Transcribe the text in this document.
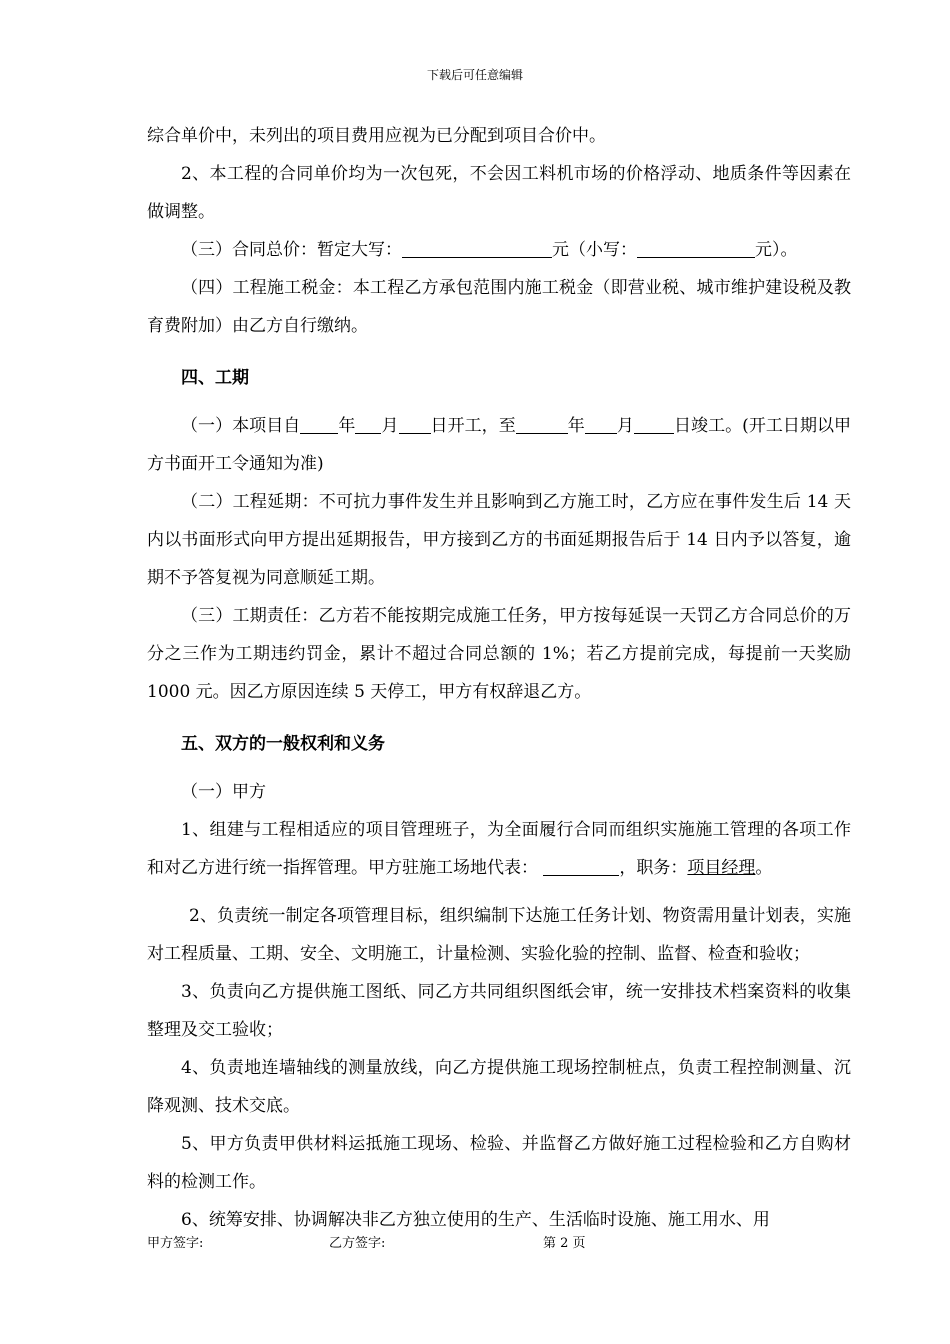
下载后可任意编辑

综合单价中，未列出的项目费用应视为已分配到项目合价中。

2、本工程的合同单价均为一次包死，不会因工料机市场的价格浮动、地质条件等因素在做调整。

（三）合同总价：暂定大写：	元（小写：	元）。

（四）工程施工税金：本工程乙方承包范围内施工税金（即营业税、城市维护建设税及教育费附加）由乙方自行缴纳。

四、工期

（一）本项目自 年 月 日开工，至	年 月 日竣工。(开工日期以甲方书面开工令通知为准)

（二）工程延期：不可抗力事件发生并且影响到乙方施工时，乙方应在事件发生后 14 天内以书面形式向甲方提出延期报告，甲方接到乙方的书面延期报告后于 14 日内予以答复，逾期不予答复视为同意顺延工期。

（三）工期责任：乙方若不能按期完成施工任务，甲方按每延误一天罚乙方合同总价的万分之三作为工期违约罚金，累计不超过合同总额的 1%；若乙方提前完成，每提前一天奖励 1000 元。因乙方原因连续 5 天停工，甲方有权辞退乙方。

五、双方的一般权利和义务

（一）甲方

1、组建与工程相适应的项目管理班子，为全面履行合同而组织实施施工管理的各项工作和对乙方进行统一指挥管理。甲方驻施工场地代表：	，职务：项目经理。

2、负责统一制定各项管理目标，组织编制下达施工任务计划、物资需用量计划表，实施对工程质量、工期、安全、文明施工，计量检测、实验化验的控制、监督、检查和验收；

3、负责向乙方提供施工图纸、同乙方共同组织图纸会审，统一安排技术档案资料的收集整理及交工验收；

4、负责地连墙轴线的测量放线，向乙方提供施工现场控制桩点，负责工程控制测量、沉降观测、技术交底。

5、甲方负责甲供材料运抵施工现场、检验、并监督乙方做好施工过程检验和乙方自购材料的检测工作。

6、统筹安排、协调解决非乙方独立使用的生产、生活临时设施、施工用水、用

甲方签字:	乙方签字:	第 2 页
